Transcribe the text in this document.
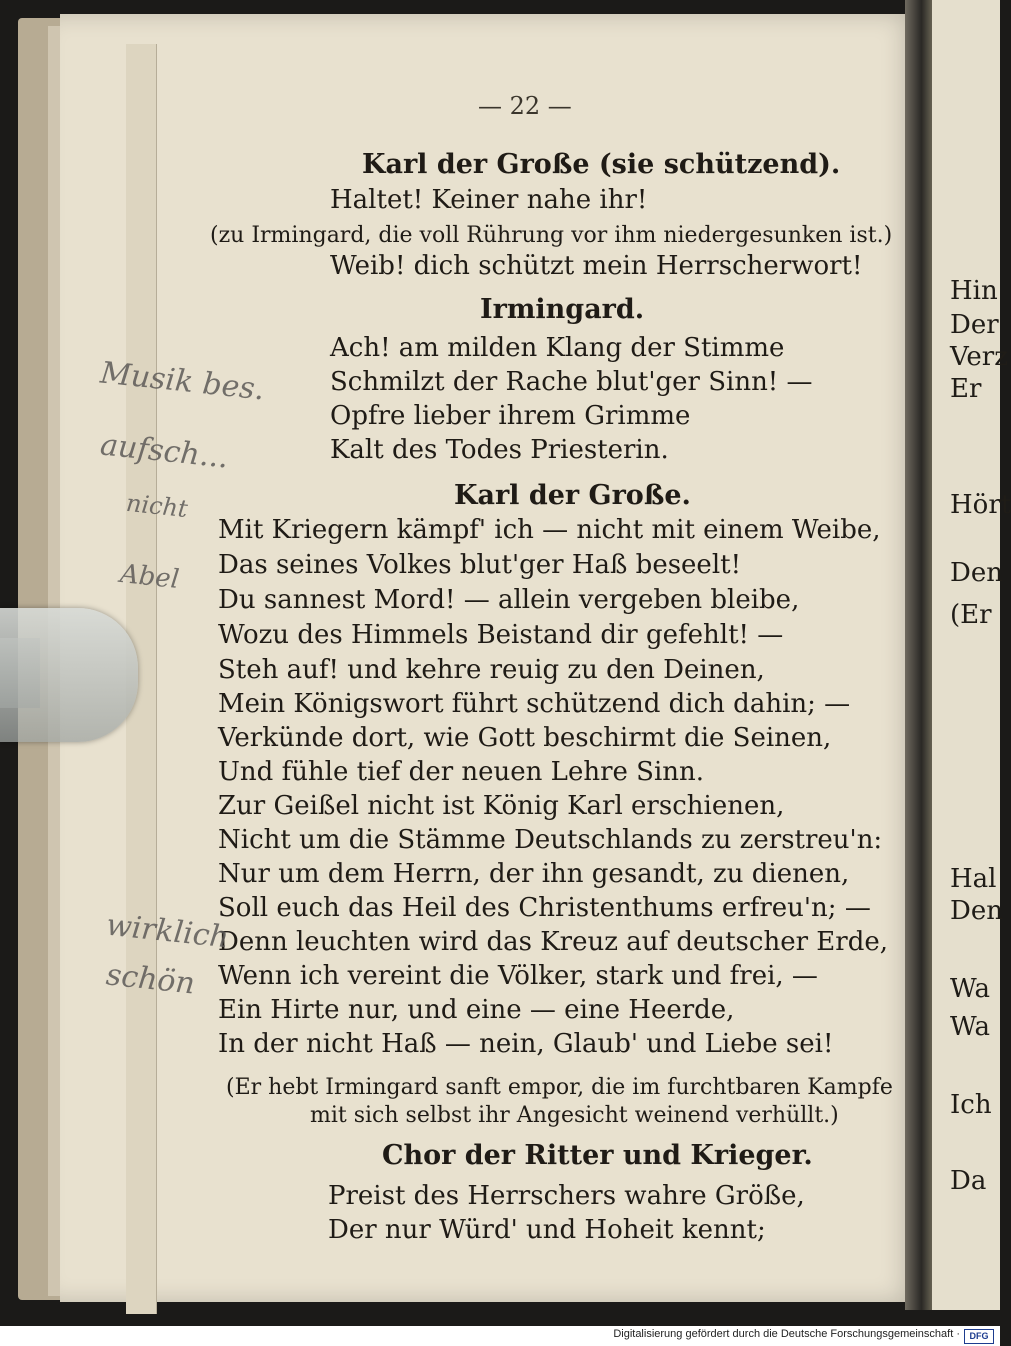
— 22 —
Karl der Große (sie schützend).
Haltet! Keiner nahe ihr!
(zu Irmingard, die voll Rührung vor ihm niedergesunken ist.)
Weib! dich schützt mein Herrscherwort!
Irmingard.
Ach! am milden Klang der Stimme
Schmilzt der Rache blut'ger Sinn! —
Opfre lieber ihrem Grimme
Kalt des Todes Priesterin.
Karl der Große.
Mit Kriegern kämpf' ich — nicht mit einem Weibe,
Das seines Volkes blut'ger Haß beseelt!
Du sannest Mord! — allein vergeben bleibe,
Wozu des Himmels Beistand dir gefehlt! —
Steh auf! und kehre reuig zu den Deinen,
Mein Königswort führt schützend dich dahin; —
Verkünde dort, wie Gott beschirmt die Seinen,
Und fühle tief der neuen Lehre Sinn.
Zur Geißel nicht ist König Karl erschienen,
Nicht um die Stämme Deutschlands zu zerstreu'n:
Nur um dem Herrn, der ihn gesandt, zu dienen,
Soll euch das Heil des Christenthums erfreu'n; —
Denn leuchten wird das Kreuz auf deutscher Erde,
Wenn ich vereint die Völker, stark und frei, —
Ein Hirte nur, und eine — eine Heerde,
In der nicht Haß — nein, Glaub' und Liebe sei!
(Er hebt Irmingard sanft empor, die im furchtbaren Kampfe
mit sich selbst ihr Angesicht weinend verhüllt.)
Chor der Ritter und Krieger.
Preist des Herrschers wahre Größe,
Der nur Würd' und Hoheit kennt;
Musik bes.
aufsch...
nicht
Abel
wirklich
schön
Hin
Der
Verz
Er
Hört
Den
(Er
Hal
Den
Wa
Wa
Ich
Da
Digitalisierung gefördert durch die Deutsche Forschungsgemeinschaft ·	DFG
